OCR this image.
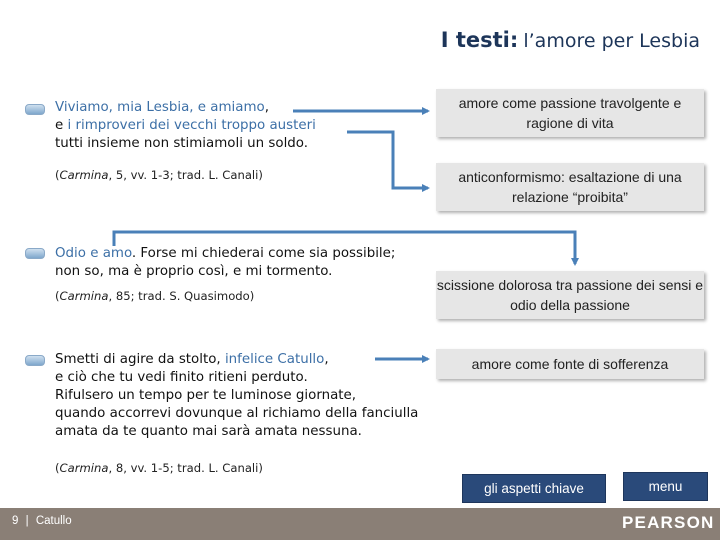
I testi: l’amore per Lesbia
Viviamo, mia Lesbia, e amiamo,
e i rimproveri dei vecchi troppo austeri
tutti insieme non stimiamoli un soldo.
(Carmina, 5, vv. 1-3; trad. L. Canali)
Odio e amo. Forse mi chiederai come sia possibile;
non so, ma è proprio così, e mi tormento.
(Carmina, 85; trad. S. Quasimodo)
Smetti di agire da stolto, infelice Catullo,
e ciò che tu vedi finito ritieni perduto.
Rifulsero un tempo per te luminose giornate,
quando accorrevi dovunque al richiamo della fanciulla
amata da te quanto mai sarà amata nessuna.
(Carmina, 8, vv. 1-5; trad. L. Canali)
amore come passione travolgente e ragione di vita
anticonformismo: esaltazione di una relazione “proibita”
scissione dolorosa tra passione dei sensi e odio della passione
amore come fonte di sofferenza
gli aspetti chiave	menu
9 | Catullo	PEARSON
